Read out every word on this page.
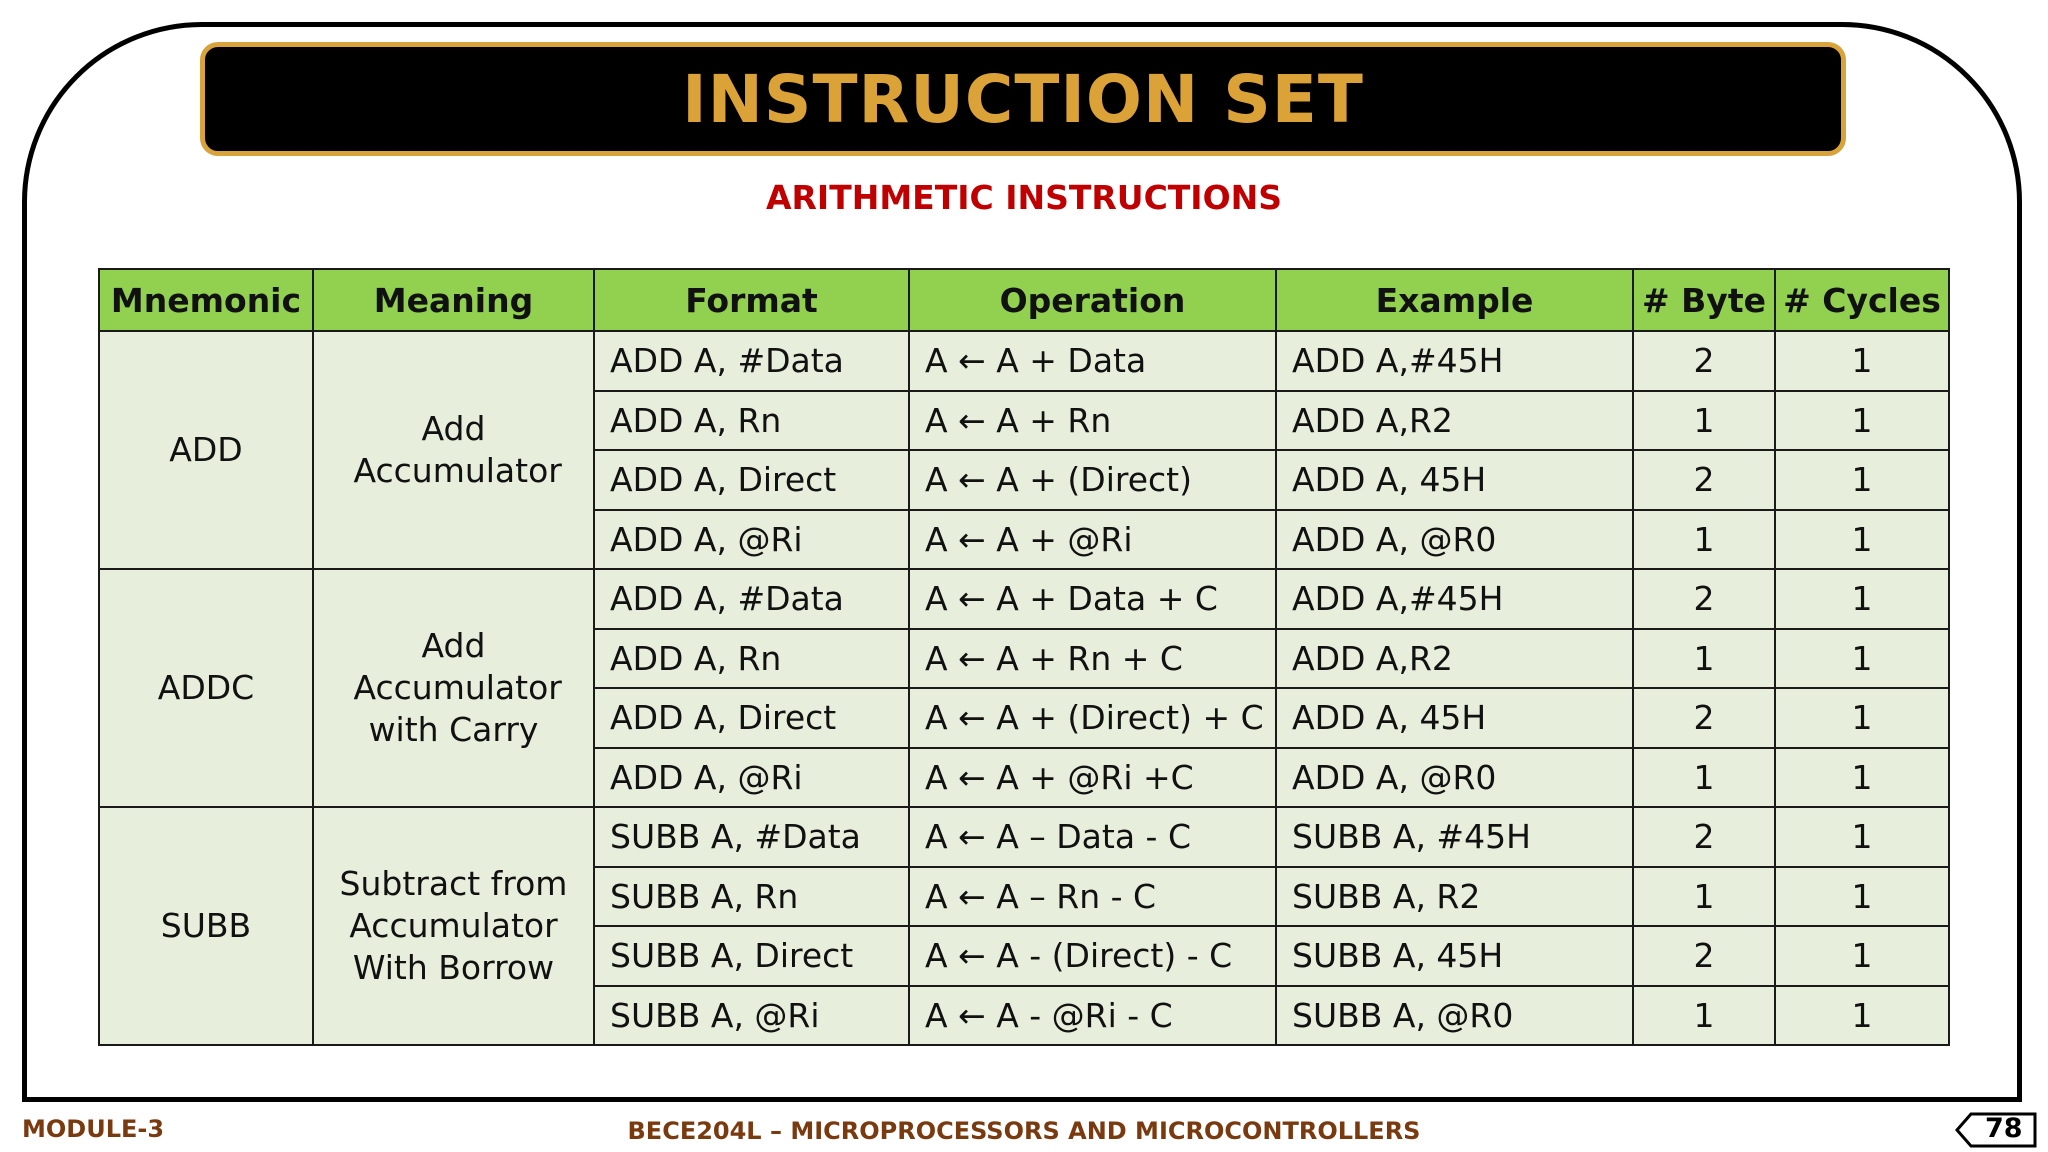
INSTRUCTION SET
ARITHMETIC INSTRUCTIONS
Mnemonic	Meaning	Format	Operation	Example	# Byte	# Cycles
ADD	Add Accumulator	ADD A, #Data	A ← A + Data	ADD A,#45H	2	1
		ADD A, Rn	A ← A + Rn	ADD A,R2	1	1
		ADD A, Direct	A ← A + (Direct)	ADD A, 45H	2	1
		ADD A, @Ri	A ← A + @Ri	ADD A, @R0	1	1
ADDC	Add Accumulator with Carry	ADD A, #Data	A ← A + Data + C	ADD A,#45H	2	1
		ADD A, Rn	A ← A + Rn + C	ADD A,R2	1	1
		ADD A, Direct	A ← A + (Direct) + C	ADD A, 45H	2	1
		ADD A, @Ri	A ← A + @Ri +C	ADD A, @R0	1	1
SUBB	Subtract from Accumulator With Borrow	SUBB A, #Data	A ← A – Data - C	SUBB A, #45H	2	1
		SUBB A, Rn	A ← A – Rn - C	SUBB A, R2	1	1
		SUBB A, Direct	A ← A - (Direct) - C	SUBB A, 45H	2	1
		SUBB A, @Ri	A ← A - @Ri - C	SUBB A, @R0	1	1
MODULE-3	BECE204L – MICROPROCESSORS AND MICROCONTROLLERS	78
